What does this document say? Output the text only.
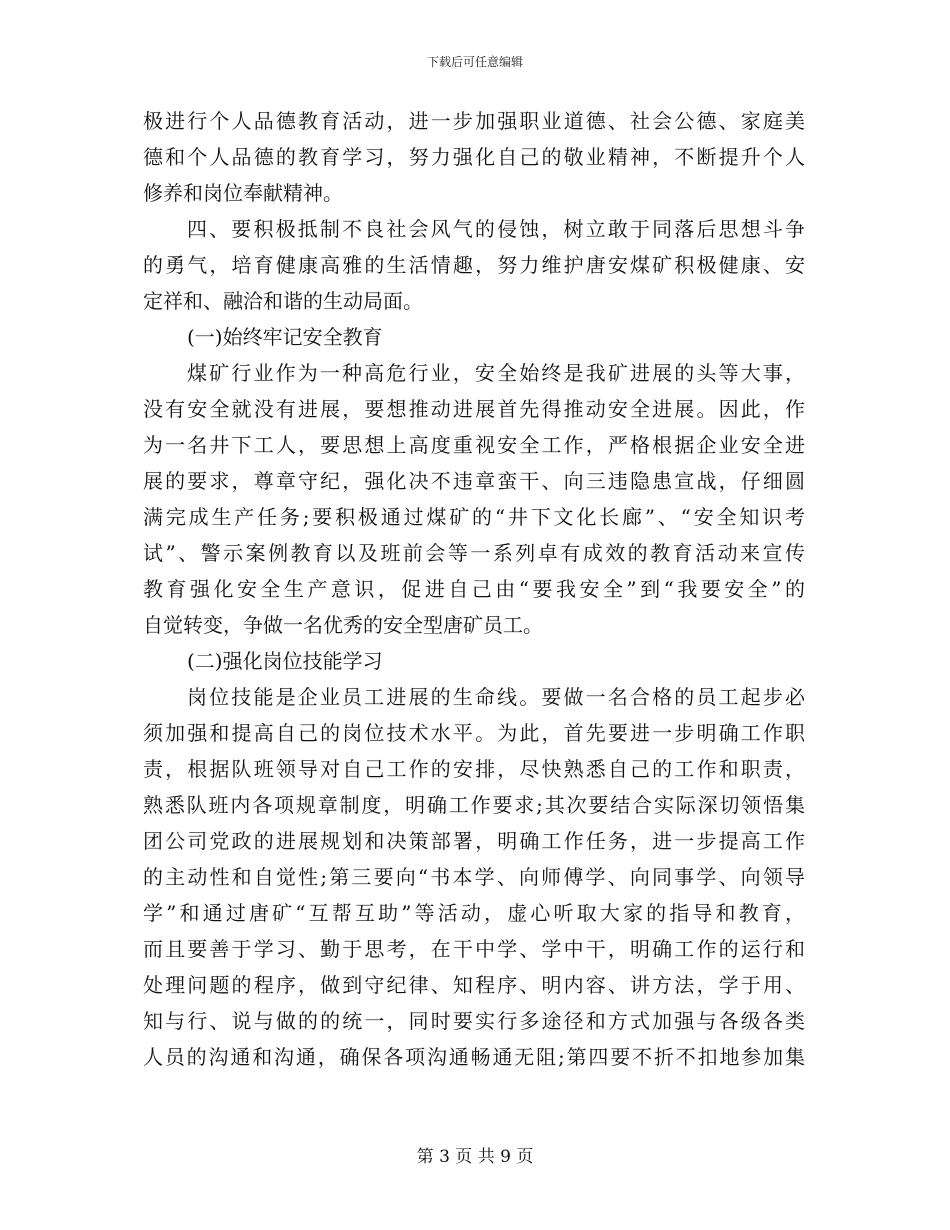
下载后可任意编辑
极进行个人品德教育活动，进一步加强职业道德、社会公德、家庭美
德和个人品德的教育学习，努力强化自己的敬业精神，不断提升个人
修养和岗位奉献精神。
四、要积极抵制不良社会风气的侵蚀，树立敢于同落后思想斗争
的勇气，培育健康高雅的生活情趣，努力维护唐安煤矿积极健康、安
定祥和、融洽和谐的生动局面。
(一)始终牢记安全教育
煤矿行业作为一种高危行业，安全始终是我矿进展的头等大事，
没有安全就没有进展，要想推动进展首先得推动安全进展。因此，作
为一名井下工人，要思想上高度重视安全工作，严格根据企业安全进
展的要求，尊章守纪，强化决不违章蛮干、向三违隐患宣战，仔细圆
满完成生产任务;要积极通过煤矿的“井下文化长廊”、“安全知识考
试”、警示案例教育以及班前会等一系列卓有成效的教育活动来宣传
教育强化安全生产意识，促进自己由“要我安全”到“我要安全”的
自觉转变，争做一名优秀的安全型唐矿员工。
(二)强化岗位技能学习
岗位技能是企业员工进展的生命线。要做一名合格的员工起步必
须加强和提高自己的岗位技术水平。为此，首先要进一步明确工作职
责，根据队班领导对自己工作的安排，尽快熟悉自己的工作和职责，
熟悉队班内各项规章制度，明确工作要求;其次要结合实际深切领悟集
团公司党政的进展规划和决策部署，明确工作任务，进一步提高工作
的主动性和自觉性;第三要向“书本学、向师傅学、向同事学、向领导
学”和通过唐矿“互帮互助”等活动，虚心听取大家的指导和教育，
而且要善于学习、勤于思考，在干中学、学中干，明确工作的运行和
处理问题的程序，做到守纪律、知程序、明内容、讲方法，学于用、
知与行、说与做的的统一，同时要实行多途径和方式加强与各级各类
人员的沟通和沟通，确保各项沟通畅通无阻;第四要不折不扣地参加集
第 3 页 共 9 页
